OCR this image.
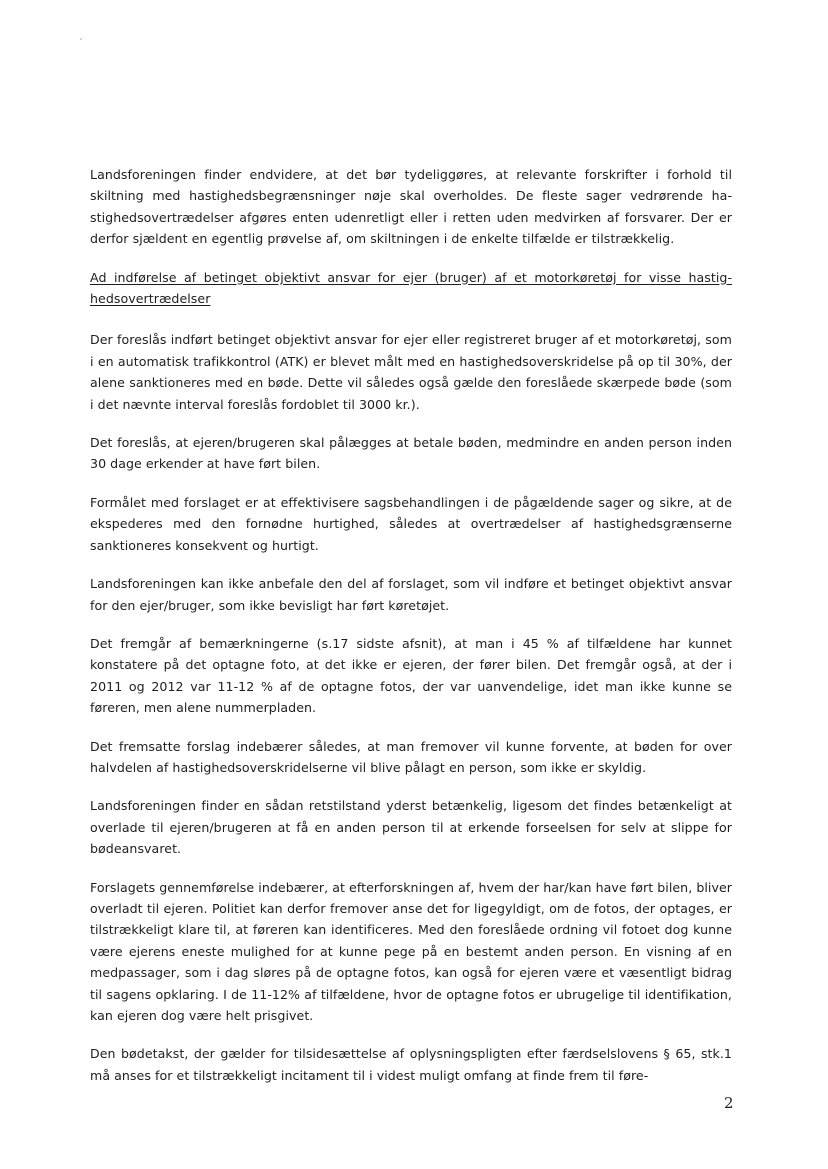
Landsforeningen finder endvidere, at det bør tydeliggøres, at relevante forskrifter i forhold til skiltning med hastighedsbegrænsninger nøje skal overholdes. De fleste sager vedrørende hastighedsovertrædelser afgøres enten udenretligt eller i retten uden medvirken af forsvarer. Der er derfor sjældent en egentlig prøvelse af, om skiltningen i de enkelte tilfælde er tilstrækkelig.

Ad indførelse af betinget objektivt ansvar for ejer (bruger) af et motorkøretøj for visse hastighedsovertrædelser

Der foreslås indført betinget objektivt ansvar for ejer eller registreret bruger af et motorkøretøj, som i en automatisk trafikkontrol (ATK) er blevet målt med en hastighedsoverskridelse på op til 30%, der alene sanktioneres med en bøde. Dette vil således også gælde den foreslåede skærpede bøde (som i det nævnte interval foreslås fordoblet til 3000 kr.).

Det foreslås, at ejeren/brugeren skal pålægges at betale bøden, medmindre en anden person inden 30 dage erkender at have ført bilen.

Formålet med forslaget er at effektivisere sagsbehandlingen i de pågældende sager og sikre, at de ekspederes med den fornødne hurtighed, således at overtrædelser af hastighedsgrænserne sanktioneres konsekvent og hurtigt.

Landsforeningen kan ikke anbefale den del af forslaget, som vil indføre et betinget objektivt ansvar for den ejer/bruger, som ikke bevisligt har ført køretøjet.

Det fremgår af bemærkningerne (s.17 sidste afsnit), at man i 45 % af tilfældene har kunnet konstatere på det optagne foto, at det ikke er ejeren, der fører bilen. Det fremgår også, at der i 2011 og 2012 var 11-12 % af de optagne fotos, der var uanvendelige, idet man ikke kunne se føreren, men alene nummerpladen.

Det fremsatte forslag indebærer således, at man fremover vil kunne forvente, at bøden for over halvdelen af hastighedsoverskridelserne vil blive pålagt en person, som ikke er skyldig.

Landsforeningen finder en sådan retstilstand yderst betænkelig, ligesom det findes betænkeligt at overlade til ejeren/brugeren at få en anden person til at erkende forseelsen for selv at slippe for bødeansvaret.

Forslagets gennemførelse indebærer, at efterforskningen af, hvem der har/kan have ført bilen, bliver overladt til ejeren. Politiet kan derfor fremover anse det for ligegyldigt, om de fotos, der optages, er tilstrækkeligt klare til, at føreren kan identificeres. Med den foreslåede ordning vil fotoet dog kunne være ejerens eneste mulighed for at kunne pege på en bestemt anden person. En visning af en medpassager, som i dag sløres på de optagne fotos, kan også for ejeren være et væsentligt bidrag til sagens opklaring. I de 11-12% af tilfældene, hvor de optagne fotos er ubrugelige til identifikation, kan ejeren dog være helt prisgivet.

Den bødetakst, der gælder for tilsidesættelse af oplysningspligten efter færdselslovens § 65, stk.1 må anses for et tilstrækkeligt incitament til i videst muligt omfang at finde frem til føre-

2
